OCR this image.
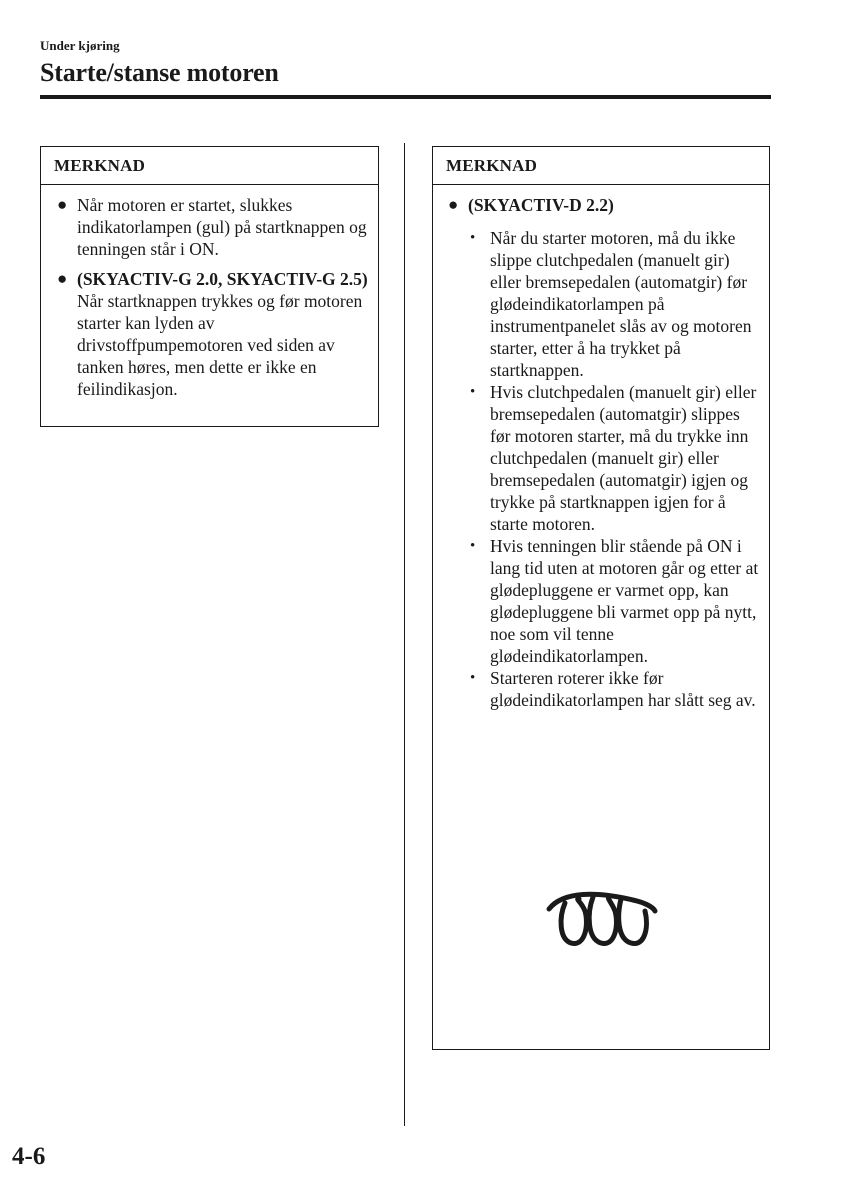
Under kjøring
Starte/stanse motoren
MERKNAD
● Når motoren er startet, slukkes indikatorlampen (gul) på startknappen og tenningen står i ON.
● (SKYACTIV-G 2.0, SKYACTIV-G 2.5)
Når startknappen trykkes og før motoren starter kan lyden av drivstoffpumpemotoren ved siden av tanken høres, men dette er ikke en feilindikasjon.
MERKNAD
● (SKYACTIV-D 2.2)
• Når du starter motoren, må du ikke slippe clutchpedalen (manuelt gir) eller bremsepedalen (automatgir) før glødeindikatorlampen på instrumentpanelet slås av og motoren starter, etter å ha trykket på startknappen.
• Hvis clutchpedalen (manuelt gir) eller bremsepedalen (automatgir) slippes før motoren starter, må du trykke inn clutchpedalen (manuelt gir) eller bremsepedalen (automatgir) igjen og trykke på startknappen igjen for å starte motoren.
• Hvis tenningen blir stående på ON i lang tid uten at motoren går og etter at glødepluggene er varmet opp, kan glødepluggene bli varmet opp på nytt, noe som vil tenne glødeindikatorlampen.
• Starteren roterer ikke før glødeindikatorlampen har slått seg av.
4-6
